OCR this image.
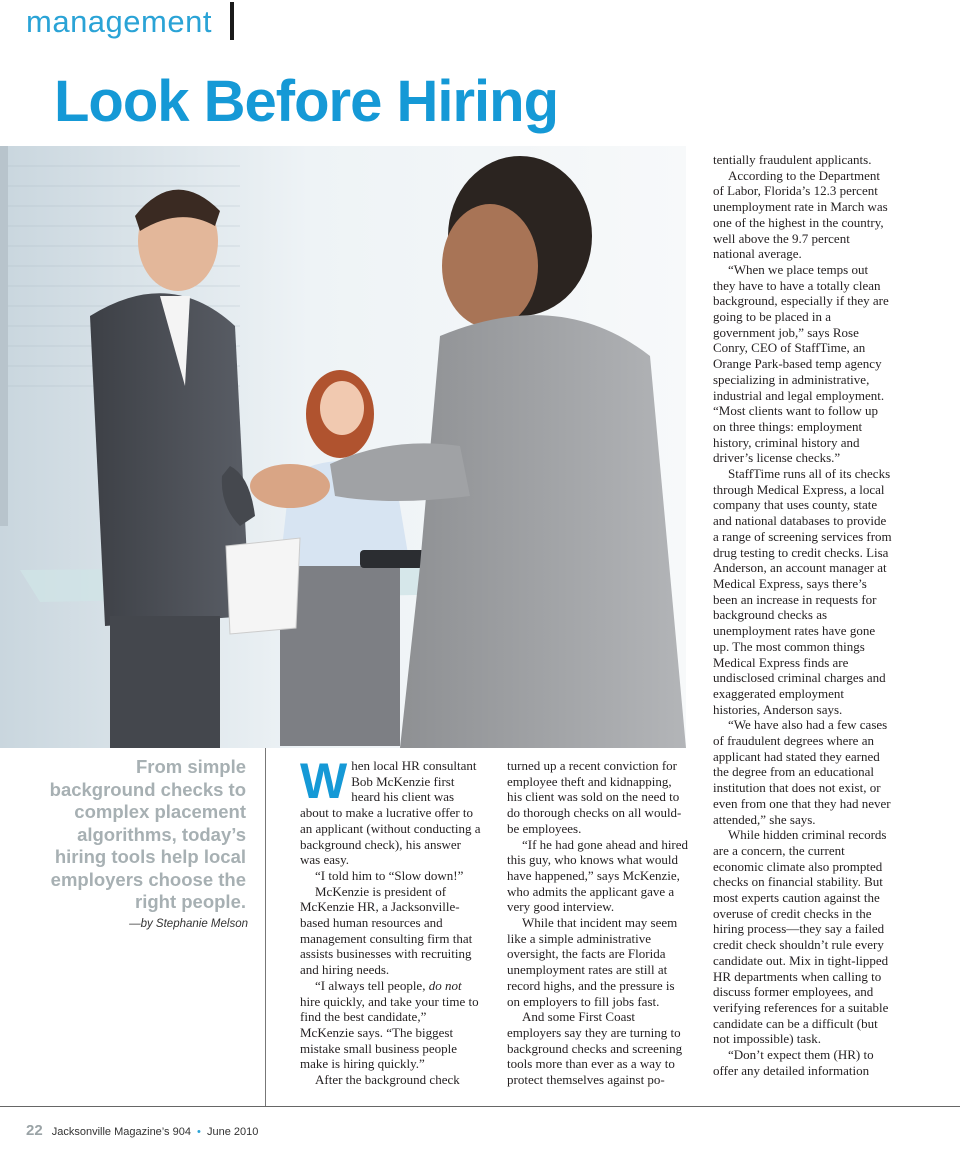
management
Look Before Hiring

From simple background checks to complex placement algorithms, today’s hiring tools help local employers choose the right people.

—by Stephanie Melson

When local HR consultant Bob McKenzie first heard his client was about to make a lucrative offer to an applicant (without conducting a background check), his answer was easy.

“I told him to “Slow down!”

McKenzie is president of McKenzie HR, a Jacksonville-based human resources and management consulting firm that assists businesses with recruiting and hiring needs.

“I always tell people, do not hire quickly, and take your time to find the best candidate,” McKenzie says. “The biggest mistake small business people make is hiring quickly.”

After the background check

turned up a recent conviction for employee theft and kidnapping, his client was sold on the need to do thorough checks on all would-be employees.

“If he had gone ahead and hired this guy, who knows what would have happened,” says McKenzie, who admits the applicant gave a very good interview.

While that incident may seem like a simple administrative oversight, the facts are Florida unemployment rates are still at record highs, and the pressure is on employers to fill jobs fast.

And some First Coast employers say they are turning to background checks and screening tools more than ever as a way to protect themselves against po-

tentially fraudulent applicants.

According to the Department of Labor, Florida’s 12.3 percent unemployment rate in March was one of the highest in the country, well above the 9.7 percent national average.

“When we place temps out they have to have a totally clean background, especially if they are going to be placed in a government job,” says Rose Conry, CEO of StaffTime, an Orange Park-based temp agency specializing in administrative, industrial and legal employment. “Most clients want to follow up on three things: employment history, criminal history and driver’s license checks.”

StaffTime runs all of its checks through Medical Express, a local company that uses county, state and national databases to provide a range of screening services from drug testing to credit checks. Lisa Anderson, an account manager at Medical Express, says there’s been an increase in requests for background checks as unemployment rates have gone up. The most common things Medical Express finds are undisclosed criminal charges and exaggerated employment histories, Anderson says.

“We have also had a few cases of fraudulent degrees where an applicant had stated they earned the degree from an educational institution that does not exist, or even from one that they had never attended,” she says.

While hidden criminal records are a concern, the current economic climate also prompted checks on financial stability. But most experts caution against the overuse of credit checks in the hiring process—they say a failed credit check shouldn’t rule every candidate out. Mix in tight-lipped HR departments when calling to discuss former employees, and verifying references for a suitable candidate can be a difficult (but not impossible) task.

“Don’t expect them (HR) to offer any detailed information

22 Jacksonville Magazine’s 904 • June 2010
